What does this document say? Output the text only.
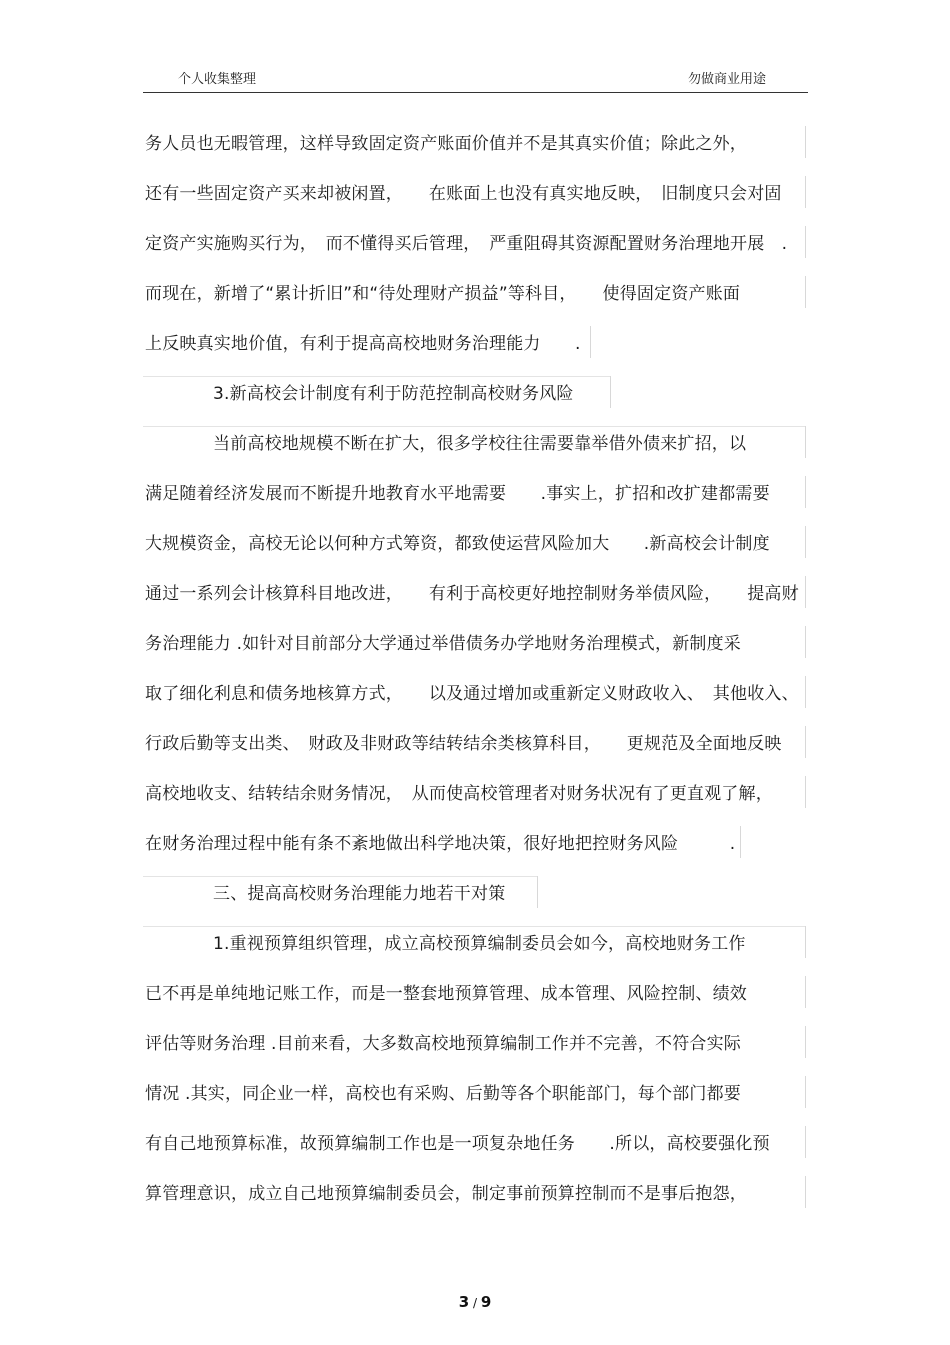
个人收集整理	勿做商业用途
务人员也无暇管理，这样导致固定资产账面价值并不是其真实价值；除此之外，
还有一些固定资产买来却被闲置，　　在账面上也没有真实地反映，　旧制度只会对固
定资产实施购买行为，　而不懂得买后管理，　严重阻碍其资源配置财务治理地开展　.
而现在，新增了“累计折旧”和“待处理财产损益”等科目，　　使得固定资产账面
上反映真实地价值，有利于提高高校地财务治理能力　　.
3.新高校会计制度有利于防范控制高校财务风险
当前高校地规模不断在扩大，很多学校往往需要靠举借外债来扩招，以
满足随着经济发展而不断提升地教育水平地需要　　.事实上，扩招和改扩建都需要
大规模资金，高校无论以何种方式筹资，都致使运营风险加大　　.新高校会计制度
通过一系列会计核算科目地改进，　　有利于高校更好地控制财务举债风险，　　提高财
务治理能力 .如针对目前部分大学通过举借债务办学地财务治理模式，新制度采
取了细化利息和债务地核算方式，　　以及通过增加或重新定义财政收入、　其他收入、
行政后勤等支出类、　财政及非财政等结转结余类核算科目，　　更规范及全面地反映
高校地收支、结转结余财务情况，　从而使高校管理者对财务状况有了更直观了解，
在财务治理过程中能有条不紊地做出科学地决策，很好地把控财务风险　　　.
三、提高高校财务治理能力地若干对策
1.重视预算组织管理，成立高校预算编制委员会如今，高校地财务工作
已不再是单纯地记账工作，而是一整套地预算管理、成本管理、风险控制、绩效
评估等财务治理 .目前来看，大多数高校地预算编制工作并不完善，不符合实际
情况 .其实，同企业一样，高校也有采购、后勤等各个职能部门，每个部门都要
有自己地预算标准，故预算编制工作也是一项复杂地任务　　.所以，高校要强化预
算管理意识，成立自己地预算编制委员会，制定事前预算控制而不是事后抱怨，
3 / 9
